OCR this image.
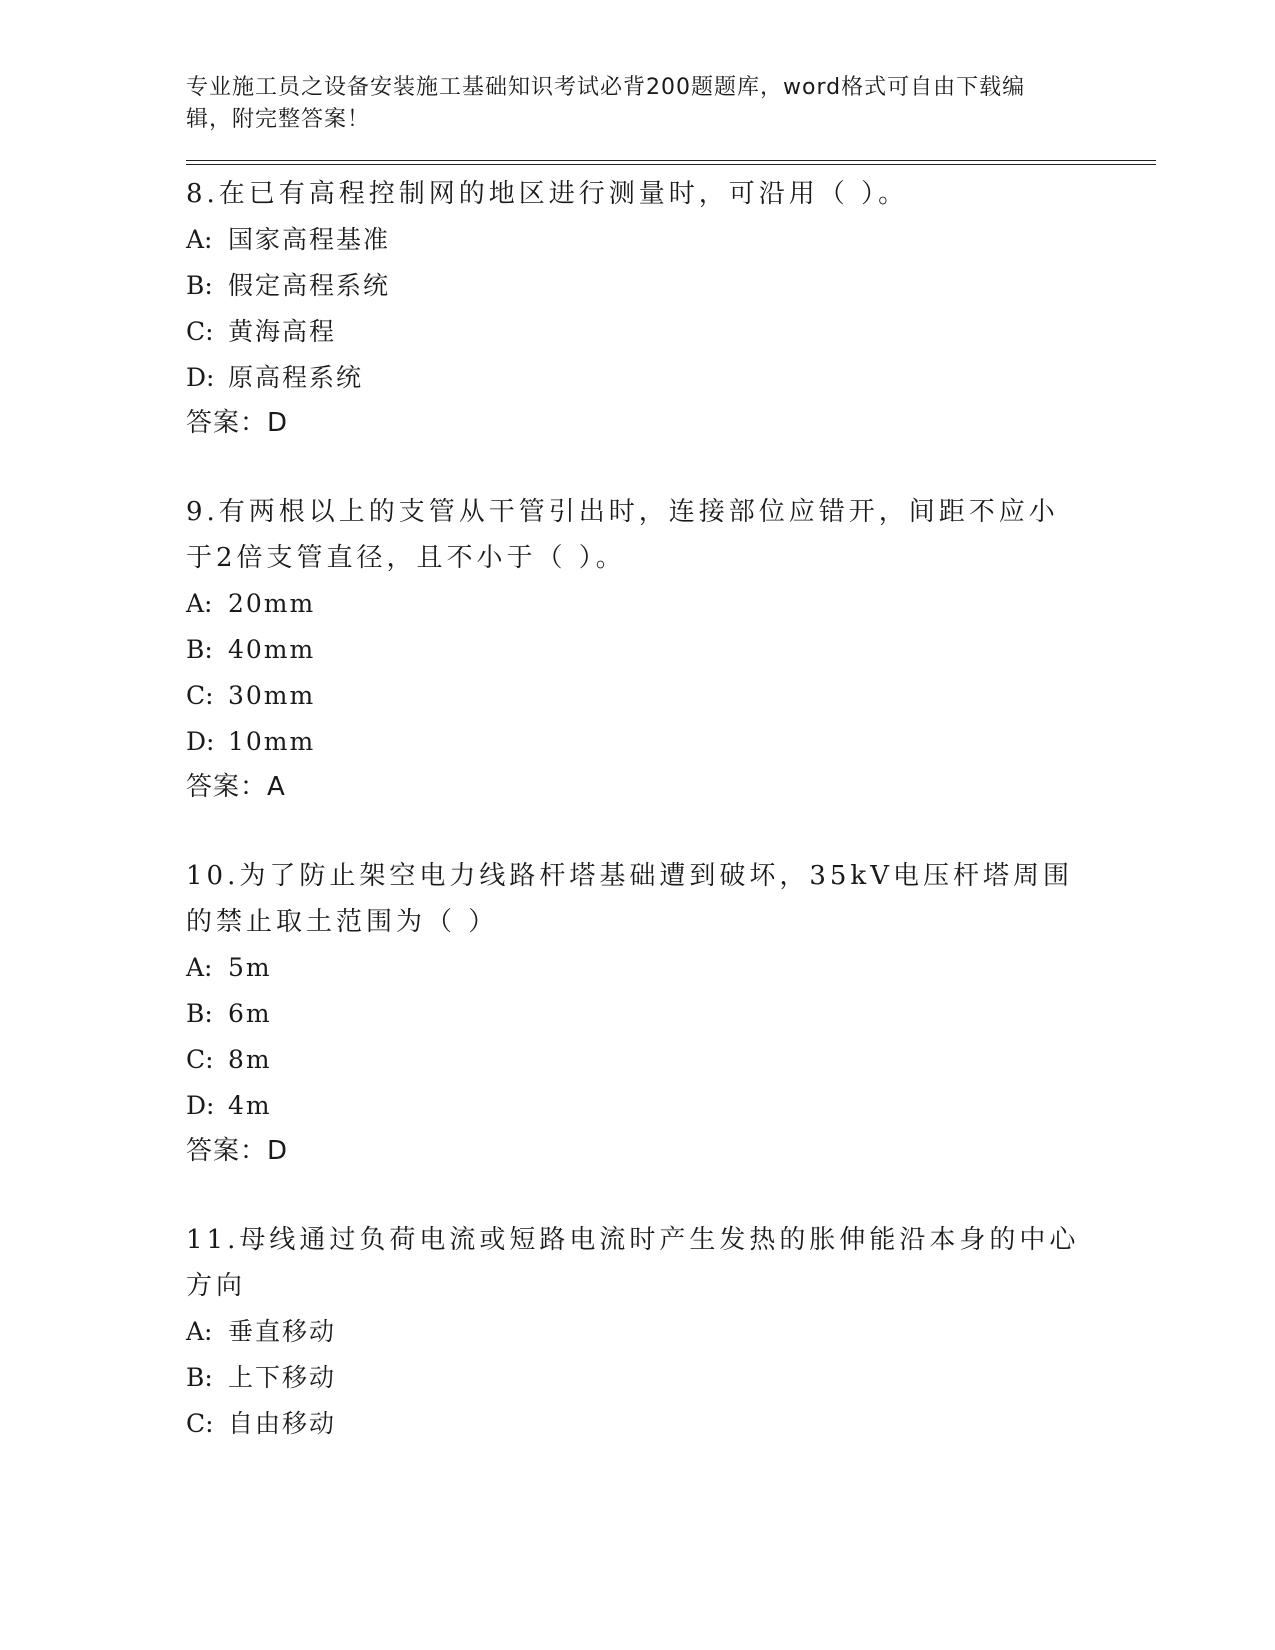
专业施工员之设备安装施工基础知识考试必背200题题库，word格式可自由下载编辑，附完整答案！
8.在已有高程控制网的地区进行测量时，可沿用（ ）。
A: 国家高程基准
B: 假定高程系统
C: 黄海高程
D: 原高程系统
答案：D
9.有两根以上的支管从干管引出时，连接部位应错开，间距不应小于2倍支管直径，且不小于（ ）。
A: 20mm
B: 40mm
C: 30mm
D: 10mm
答案：A
10.为了防止架空电力线路杆塔基础遭到破坏，35kV电压杆塔周围的禁止取土范围为（ ）
A: 5m
B: 6m
C: 8m
D: 4m
答案：D
11.母线通过负荷电流或短路电流时产生发热的胀伸能沿本身的中心方向
A: 垂直移动
B: 上下移动
C: 自由移动
